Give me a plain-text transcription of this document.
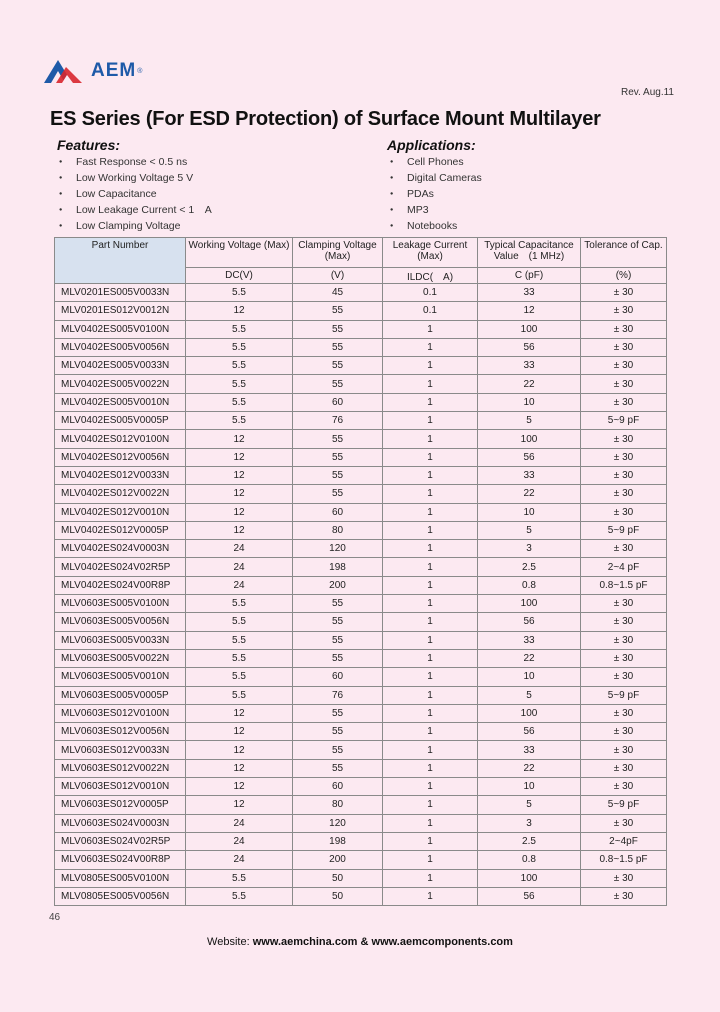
AEM ®
Rev. Aug.11
ES Series (For ESD Protection) of Surface Mount Multilayer
Features:
● Fast Response < 0.5 ns
● Low Working Voltage 5 V
● Low Capacitance
● Low Leakage Current < 1　A
● Low Clamping Voltage
Applications:
● Cell Phones
● Digital Cameras
● PDAs
● MP3
● Notebooks
Part Number	Working Voltage (Max)	Clamping Voltage (Max)	Leakage Current (Max)	Typical Capacitance Value　(1 MHz)	Tolerance of Cap.
	DC(V)	(V)	ILDC(　A)	C (pF)	(%)
MLV0201ES005V0033N	5.5	45	0.1	33	± 30
MLV0201ES012V0012N	12	55	0.1	12	± 30
MLV0402ES005V0100N	5.5	55	1	100	± 30
MLV0402ES005V0056N	5.5	55	1	56	± 30
MLV0402ES005V0033N	5.5	55	1	33	± 30
MLV0402ES005V0022N	5.5	55	1	22	± 30
MLV0402ES005V0010N	5.5	60	1	10	± 30
MLV0402ES005V0005P	5.5	76	1	5	5~9 pF
MLV0402ES012V0100N	12	55	1	100	± 30
MLV0402ES012V0056N	12	55	1	56	± 30
MLV0402ES012V0033N	12	55	1	33	± 30
MLV0402ES012V0022N	12	55	1	22	± 30
MLV0402ES012V0010N	12	60	1	10	± 30
MLV0402ES012V0005P	12	80	1	5	5~9 pF
MLV0402ES024V0003N	24	120	1	3	± 30
MLV0402ES024V02R5P	24	198	1	2.5	2~4 pF
MLV0402ES024V00R8P	24	200	1	0.8	0.8~1.5 pF
MLV0603ES005V0100N	5.5	55	1	100	± 30
MLV0603ES005V0056N	5.5	55	1	56	± 30
MLV0603ES005V0033N	5.5	55	1	33	± 30
MLV0603ES005V0022N	5.5	55	1	22	± 30
MLV0603ES005V0010N	5.5	60	1	10	± 30
MLV0603ES005V0005P	5.5	76	1	5	5~9 pF
MLV0603ES012V0100N	12	55	1	100	± 30
MLV0603ES012V0056N	12	55	1	56	± 30
MLV0603ES012V0033N	12	55	1	33	± 30
MLV0603ES012V0022N	12	55	1	22	± 30
MLV0603ES012V0010N	12	60	1	10	± 30
MLV0603ES012V0005P	12	80	1	5	5~9 pF
MLV0603ES024V0003N	24	120	1	3	± 30
MLV0603ES024V02R5P	24	198	1	2.5	2~4pF
MLV0603ES024V00R8P	24	200	1	0.8	0.8~1.5 pF
MLV0805ES005V0100N	5.5	50	1	100	± 30
MLV0805ES005V0056N	5.5	50	1	56	± 30
46
Website: www.aemchina.com & www.aemcomponents.com
